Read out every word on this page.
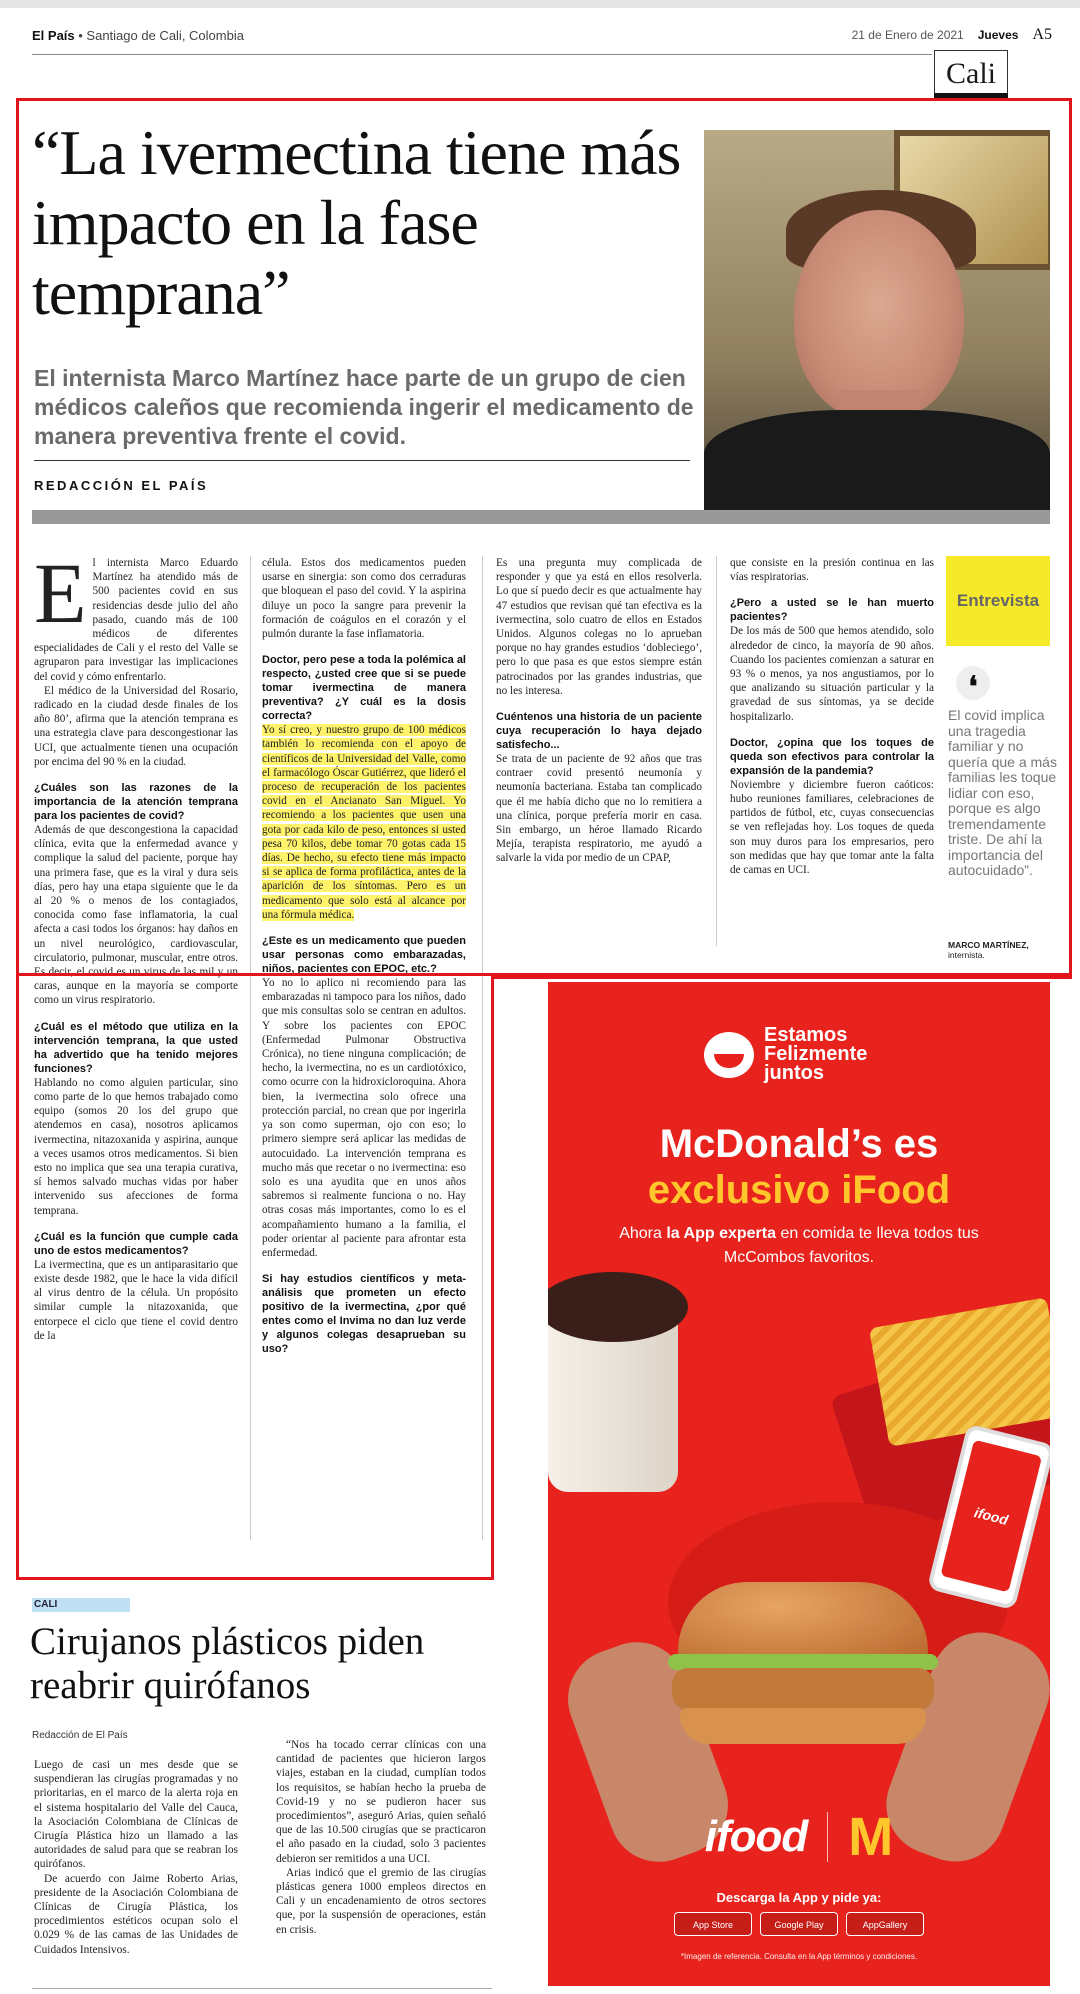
El País • Santiago de Cali, Colombia	21 de Enero de 2021 Jueves A5
Cali
“La ivermectina tiene más impacto en la fase temprana”
El internista Marco Martínez hace parte de un grupo de cien médicos caleños que recomienda ingerir el medicamento de manera preventiva frente el covid.
REDACCIÓN EL PAÍS

El internista Marco Eduardo Martínez ha atendido más de 500 pacientes covid en sus residencias desde julio del año pasado, cuando más de 100 médicos de diferentes especialidades de Cali y el resto del Valle se agruparon para investigar las implicaciones del covid y cómo enfrentarlo.

El médico de la Universidad del Rosario, radicado en la ciudad desde finales de los año 80’, afirma que la atención temprana es una estrategia clave para descongestionar las UCI, que actualmente tienen una ocupación por encima del 90 % en la ciudad.

¿Cuáles son las razones de la importancia de la atención temprana para los pacientes de covid?

Además de que descongestiona la capacidad clínica, evita que la enfermedad avance y complique la salud del paciente, porque hay una primera fase, que es la viral y dura seis días, pero hay una etapa siguiente que le da al 20 % o menos de los contagiados, conocida como fase inflamatoria, la cual afecta a casi todos los órganos: hay daños en un nivel neurológico, cardiovascular, circulatorio, pulmonar, muscular, entre otros. Es decir, el covid es un virus de las mil y un caras, aunque en la mayoría se comporte como un virus respiratorio.

¿Cuál es el método que utiliza en la intervención temprana, la que usted ha advertido que ha tenido mejores funciones?

Hablando no como alguien particular, sino como parte de lo que hemos trabajado como equipo (somos 20 los del grupo que atendemos en casa), nosotros aplicamos ivermectina, nitazoxanida y aspirina, aunque a veces usamos otros medicamentos. Si bien esto no implica que sea una terapia curativa, sí hemos salvado muchas vidas por haber intervenido sus afecciones de forma temprana.

¿Cuál es la función que cumple cada uno de estos medicamentos?

La ivermectina, que es un antiparasitario que existe desde 1982, que le hace la vida difícil al virus dentro de la célula. Un propósito similar cumple la nitazoxanida, que entorpece el ciclo que tiene el covid dentro de la

célula. Estos dos medicamentos pueden usarse en sinergia: son como dos cerraduras que bloquean el paso del covid. Y la aspirina diluye un poco la sangre para prevenir la formación de coágulos en el corazón y el pulmón durante la fase inflamatoria.

Doctor, pero pese a toda la polémica al respecto, ¿usted cree que si se puede tomar ivermectina de manera preventiva? ¿Y cuál es la dosis correcta?

Yo sí creo, y nuestro grupo de 100 médicos también lo recomienda con el apoyo de científicos de la Universidad del Valle, como el farmacólogo Óscar Gutiérrez, que lideró el proceso de recuperación de los pacientes covid en el Ancianato San Miguel. Yo recomiendo a los pacientes que usen una gota por cada kilo de peso, entonces si usted pesa 70 kilos, debe tomar 70 gotas cada 15 días. De hecho, su efecto tiene más impacto si se aplica de forma profiláctica, antes de la aparición de los síntomas. Pero es un medicamento que solo está al alcance por una fórmula médica.

¿Este es un medicamento que pueden usar personas como embarazadas, niños, pacientes con EPOC, etc.?

Yo no lo aplico ni recomiendo para las embarazadas ni tampoco para los niños, dado que mis consultas solo se centran en adultos. Y sobre los pacientes con EPOC (Enfermedad Pulmonar Obstructiva Crónica), no tiene ninguna complicación; de hecho, la ivermectina, no es un cardiotóxico, como ocurre con la hidroxicloroquina. Ahora bien, la ivermectina solo ofrece una protección parcial, no crean que por ingerirla ya son como superman, ojo con eso; lo primero siempre será aplicar las medidas de autocuidado. La intervención temprana es mucho más que recetar o no ivermectina: eso solo es una ayudita que en unos años sabremos si realmente funciona o no. Hay otras cosas más importantes, como lo es el acompañamiento humano a la familia, el poder orientar al paciente para afrontar esta enfermedad.

Si hay estudios científicos y meta-análisis que prometen un efecto positivo de la ivermectina, ¿por qué entes como el Invima no dan luz verde y algunos colegas desaprueban su uso?

Es una pregunta muy complicada de responder y que ya está en ellos resolverla. Lo que sí puedo decir es que actualmente hay 47 estudios que revisan qué tan efectiva es la ivermectina, solo cuatro de ellos en Estados Unidos. Algunos colegas no lo aprueban porque no hay grandes estudios ‘dobleciego’, pero lo que pasa es que estos siempre están patrocinados por las grandes industrias, que no les interesa.

Cuéntenos una historia de un paciente cuya recuperación lo haya dejado satisfecho...

Se trata de un paciente de 92 años que tras contraer covid presentó neumonía y neumonía bacteriana. Estaba tan complicado que él me había dicho que no lo remitiera a una clínica, porque prefería morir en casa. Sin embargo, un héroe llamado Ricardo Mejía, terapista respiratorio, me ayudó a salvarle la vida por medio de un CPAP,

que consiste en la presión continua en las vías respiratorias.

¿Pero a usted se le han muerto pacientes?

De los más de 500 que hemos atendido, solo alrededor de cinco, la mayoría de 90 años. Cuando los pacientes comienzan a saturar en 93 % o menos, ya nos angustiamos, por lo que analizando su situación particular y la gravedad de sus síntomas, ya se decide hospitalizarlo.

Doctor, ¿opina que los toques de queda son efectivos para controlar la expansión de la pandemia?

Noviembre y diciembre fueron caóticos: hubo reuniones familiares, celebraciones de partidos de fútbol, etc, cuyas consecuencias se ven reflejadas hoy. Los toques de queda son muy duros para los empresarios, pero son medidas que hay que tomar ante la falta de camas en UCI.

Entrevista
❛
El covid implica una tragedia familiar y no quería que a más familias les toque lidiar con eso, porque es algo tremendamente triste. De ahí la importancia del autocuidado”.
MARCO MARTÍNEZ,
internista.
CALI
Cirujanos plásticos piden reabrir quirófanos
Redacción de El País

Luego de casi un mes desde que se suspendieran las cirugías programadas y no prioritarias, en el marco de la alerta roja en el sistema hospitalario del Valle del Cauca, la Asociación Colombiana de Clínicas de Cirugía Plástica hizo un llamado a las autoridades de salud para que se reabran los quirófanos.

De acuerdo con Jaime Roberto Arias, presidente de la Asociación Colombiana de Clínicas de Cirugía Plástica, los procedimientos estéticos ocupan solo el 0.029 % de las camas de las Unidades de Cuidados Intensivos.

“Nos ha tocado cerrar clínicas con una cantidad de pacientes que hicieron largos viajes, estaban en la ciudad, cumplían todos los requisitos, se habían hecho la prueba de Covid-19 y no se pudieron hacer sus procedimientos”, aseguró Arias, quien señaló que de las 10.500 cirugías que se practicaron el año pasado en la ciudad, solo 3 pacientes debieron ser remitidos a una UCI.

Arias indicó que el gremio de las cirugías plásticas genera 1000 empleos directos en Cali y un encadenamiento de otros sectores que, por la suspensión de operaciones, están en crisis.

Estamos
Felizmente
juntos
McDonald’s es
exclusivo iFood
Ahora la App experta en comida te lleva todos tus McCombos favoritos.
ifood
ifood M
Descarga la App y pide ya:
App Store	Google Play	AppGallery
*Imagen de referencia. Consulta en la App términos y condiciones.
